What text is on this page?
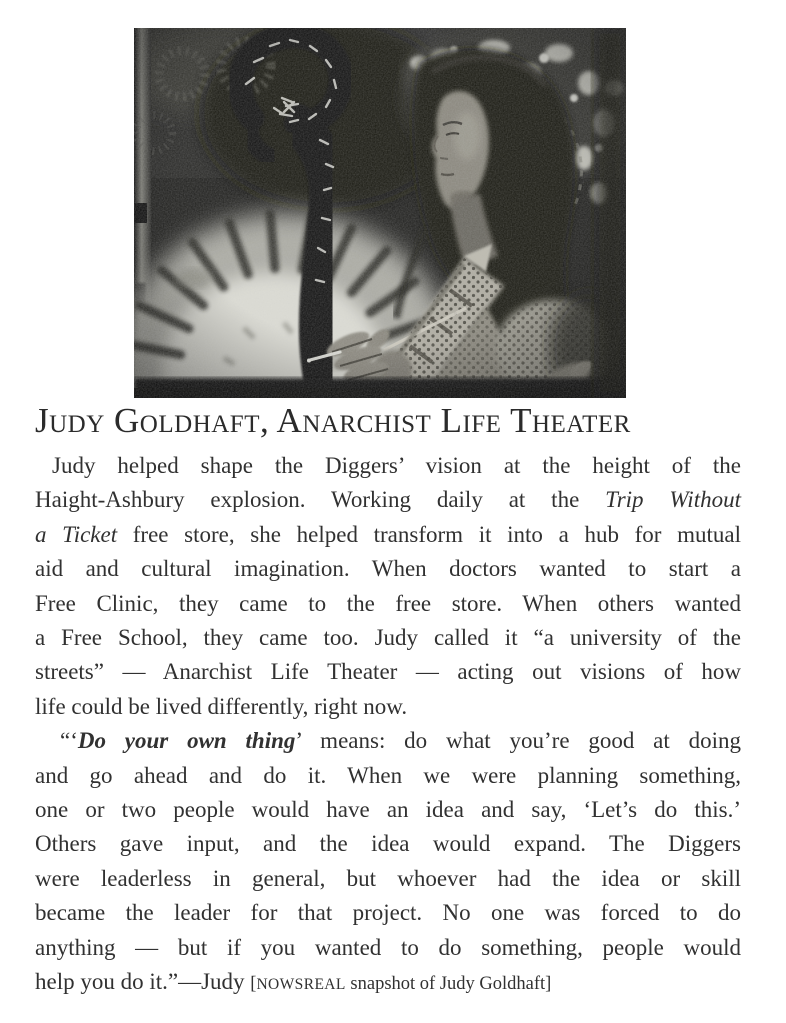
Judy Goldhaft, Anarchist Life Theater
Judy helped shape the Diggers’ vision at the height of the
Haight-Ashbury explosion. Working daily at the Trip Without
a Ticket free store, she helped transform it into a hub for mutual
aid and cultural imagination. When doctors wanted to start a
Free Clinic, they came to the free store. When others wanted
a Free School, they came too. Judy called it “a university of the
streets” — Anarchist Life Theater — acting out visions of how
life could be lived differently, right now.
“‘Do your own thing’ means: do what you’re good at doing
and go ahead and do it. When we were planning something,
one or two people would have an idea and say, ‘Let’s do this.’
Others gave input, and the idea would expand. The Diggers
were leaderless in general, but whoever had the idea or skill
became the leader for that project. No one was forced to do
anything — but if you wanted to do something, people would
help you do it.”—Judy [NOWSREAL snapshot of Judy Goldhaft]
